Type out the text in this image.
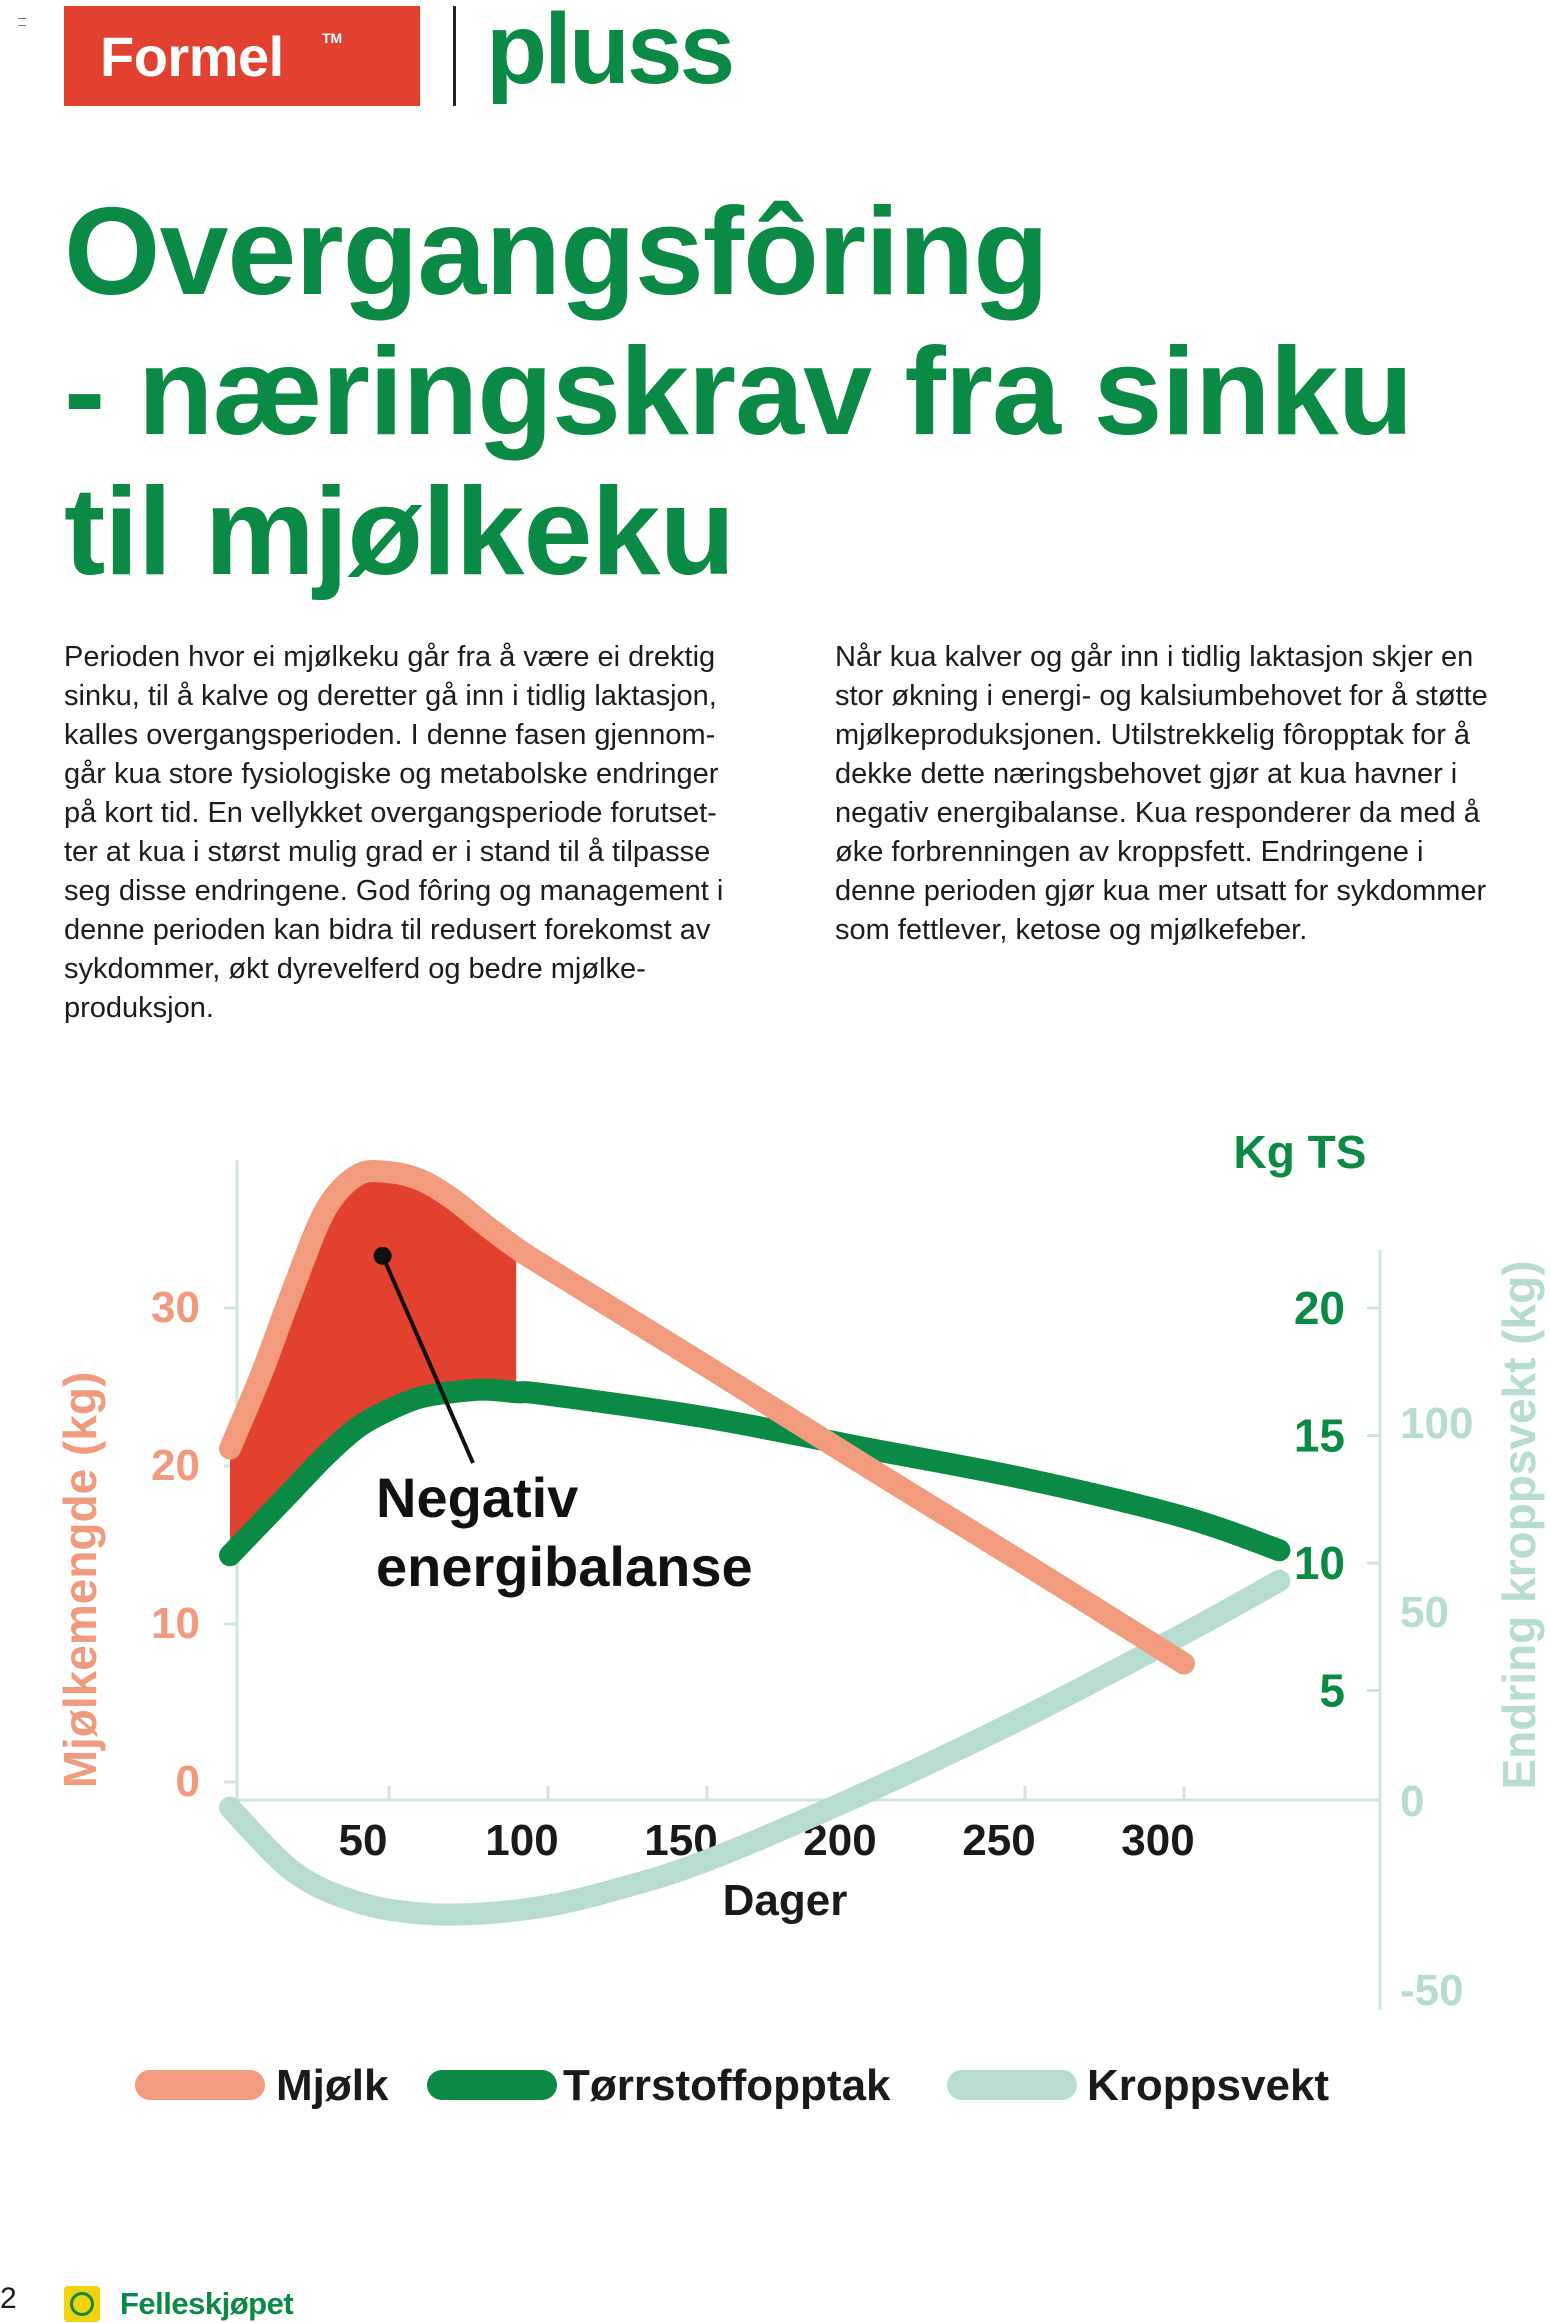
Formel	TM pluss
Overgangsfôring
- næringskrav fra sinku
til mjølkeku
Perioden hvor ei mjølkeku går fra å være ei drektig
sinku, til å kalve og deretter gå inn i tidlig laktasjon,
kalles overgangsperioden. I denne fasen gjennom-
går kua store fysiologiske og metabolske endringer
på kort tid. En vellykket overgangsperiode forutset-
ter at kua i størst mulig grad er i stand til å tilpasse
seg disse endringene. God fôring og management i
denne perioden kan bidra til redusert forekomst av
sykdommer, økt dyrevelferd og bedre mjølke-
produksjon.
Når kua kalver og går inn i tidlig laktasjon skjer en
stor økning i energi- og kalsiumbehovet for å støtte
mjølkeproduksjonen. Utilstrekkelig fôropptak for å
dekke dette næringsbehovet gjør at kua havner i
negativ energibalanse. Kua responderer da med å
øke forbrenningen av kroppsfett. Endringene i
denne perioden gjør kua mer utsatt for sykdommer
som fettlever, ketose og mjølkefeber.
0
10
20
30
50 100 150 200 250 300
Dager
5
10
15
20
Kg TS
-50
0
50
100 Endring kroppsvekt (kg)
Mjølkemengde (kg)	Negativ
energibalanse
Mjølk	Tørrstoffopptak	Kroppsvekt
2	Felleskjøpet
